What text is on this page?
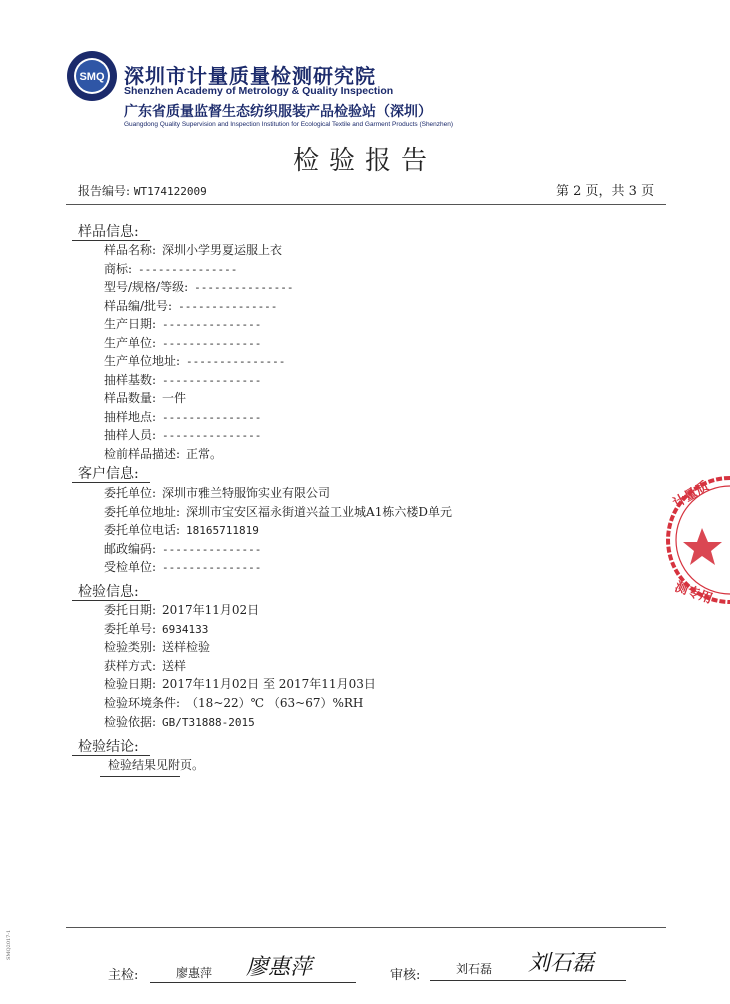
SMQ 深圳市计量质量检测研究院
Shenzhen Academy of Metrology & Quality Inspection
广东省质量监督生态纺织服装产品检验站（深圳）
Guangdong Quality Supervision and Inspection Institution for Ecological Textile and Garment Products (Shenzhen)
检验报告
报告编号: WT174122009	第 2 页，共 3 页
样品信息:
样品名称: 深圳小学男夏运服上衣
商标: ---------------
型号/规格/等级: ---------------
样品编/批号: ---------------
生产日期: ---------------
生产单位: ---------------
生产单位地址: ---------------
抽样基数: ---------------
样品数量: 一件
抽样地点: ---------------
抽样人员: ---------------
检前样品描述: 正常。
客户信息:
委托单位: 深圳市雅兰特服饰实业有限公司
委托单位地址: 深圳市宝安区福永街道兴益工业城A1栋六楼D单元
委托单位电话: 18165711819
邮政编码: ---------------
受检单位: ---------------
检验信息:
委托日期: 2017年11月02日
委托单号: 6934133
检验类别: 送样检验
获样方式: 送样
检验日期: 2017年11月02日 至 2017年11月03日
检验环境条件: （18~22）℃ （63~67）%RH
检验依据: GB/T31888-2015
检验结论:
检验结果见附页。
主检:	廖惠萍 廖惠萍	审核:	刘石磊 刘石磊
计量质
测专用
SMQ2017-1
